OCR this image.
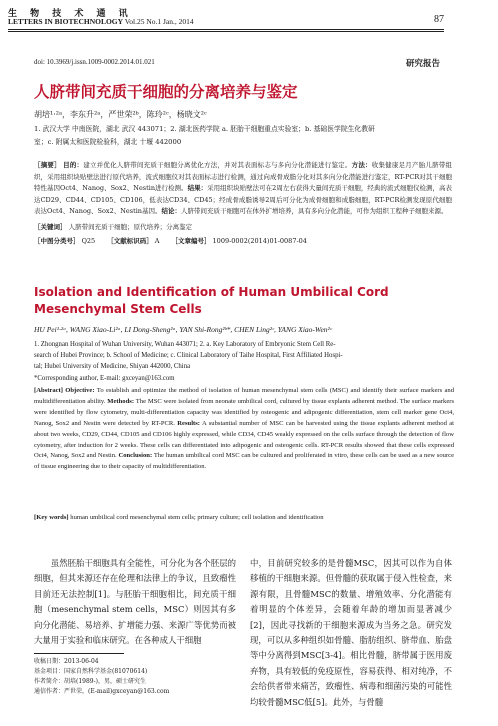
生 物 技 术 通 讯
LETTERS IN BIOTECHNOLOGY Vol.25 No.1 Jan., 2014	87
doi: 10.3969/j.issn.1009-0002.2014.01.021	研究报告
人脐带间充质干细胞的分离培养与鉴定
胡培¹·²ᵃ，李东升²ᵃ，严世荣²ᵇ，陈玲²ᶜ，杨晓文²ᶜ
1. 武汉大学 中南医院，湖北 武汉 443071；2. 湖北医药学院 a. 胚胎干细胞重点实验室；b. 基础医学院生化教研
室；c. 附属太和医院检验科，湖北 十堰 442000
［摘要］ 目的：建立并优化人脐带间充质干细胞分离优化方法，并对其表面标志与多向分化潜能进行鉴定。方法：收集健康足月产胎儿脐带组织，采用组织块贴壁法进行原代培养，流式细胞仪对其表面标志进行检测，通过向成骨成脂分化对其多向分化潜能进行鉴定，RT-PCR对其干细胞特性基因Oct4、Nanog、Sox2、Nestin进行检测。结果：采用组织块贴壁法可在2周左右获得大量间充质干细胞，经典的流式细胞仪检测，高表达CD29、CD44、CD105、CD106，低表达CD34、CD45；经成骨成脂诱导2周后可分化为成骨细胞和成脂细胞，RT-PCR检测发现原代细胞表达Oct4、Nanog、Sox2、Nestin基因。结论：人脐带间充质干细胞可在体外扩增培养，具有多向分化潜能，可作为组织工程种子细胞来源。
［关键词］ 人脐带间充质干细胞；原代培养；分离鉴定
［中图分类号］ Q25 ［文献标识码］ A ［文章编号］ 1009-0002(2014)01-0087-04
Isolation and Identification of Human Umbilical Cord Mesenchymal Stem Cells
HU Pei¹·²ᵃ, WANG Xiao-Li²ᵃ, LI Dong-Sheng²ᵃ, YAN Shi-Rong²ᵇ*, CHEN Ling²ᶜ, YANG Xiao-Wen²ᶜ
1. Zhongnan Hospital of Wuhan University, Wuhan 443071; 2. a. Key Laboratory of Embryonic Stem Cell Re-
search of Hubei Province; b. School of Medicine; c. Clinical Laboratory of Taihe Hospital, First Affiliated Hospi-
tal; Hubei University of Medicine, Shiyan 442000, China
*Corresponding author, E-mail: gxceyan@163.com
[Abstract] Objective: To establish and optimize the method of isolation of human mesenchymal stem cells (MSC) and identify their surface markers and multidifferentiation ability. Methods: The MSC were isolated from neonate umbilical cord, cultured by tissue explants adherent method. The surface markers were identified by flow cytometry, multi-differentiation capacity was identified by osteogenic and adipogenic differentiation, stem cell marker gene Oct4, Nanog, Sox2 and Nestin were detected by RT-PCR. Results: A substantial number of MSC can be harvested using the tissue explants adherent method at about two weeks, CD29, CD44, CD105 and CD106 highly expressed, while CD34, CD45 weakly expressed on the cells surface through the detection of flow cytometry, after induction for 2 weeks. These cells can differentiated into adipogenic and osteogenic cells. RT-PCR results showed that these cells expressed Oct4, Nanog, Sox2 and Nestin. Conclusion: The human umbilical cord MSC can be cultured and proliferated in vitro, these cells can be used as a new source of tissue engineering due to their capacity of multidifferentiation.
[Key words] human umbilical cord mesenchymal stem cells; primary culture; cell isolation and identification

虽然胚胎干细胞具有全能性，可分化为各个胚层的细胞，但其来源还存在伦理和法律上的争议，且致瘤性目前还无法控制[1]。与胚胎干细胞相比，间充质干细胞（mesenchymal stem cells，MSC）则因其有多向分化潜能、易培养、扩增能力强、来源广等优势而被大量用于实验和临床研究。在各种成人干细胞

中，目前研究较多的是骨髓MSC，因其可以作为自体移植的干细胞来源。但骨髓的获取属于侵入性检查，来源有限，且骨髓MSC的数量、增殖效率、分化潜能有着明显的个体差异，会随着年龄的增加而显著减少[2]，因此寻找新的干细胞来源成为当务之急。研究发现，可以从多种组织如骨髓、脂肪组织、脐带血、胎盘等中分离得到MSC[3-4]。相比骨髓，脐带属于医用废弃物，具有较低的免疫原性，容易获得、相对纯净，不会给供者带来痛苦，致瘤性、病毒和细菌污染的可能性均较骨髓MSC低[5]。此外，与骨髓

收稿日期：2013-06-04
基金项目：国家自然科学基金(81070614)
作者简介：胡培(1989-)，男，硕士研究生
通信作者：严世荣，(E-mail)gxceyan@163.com
